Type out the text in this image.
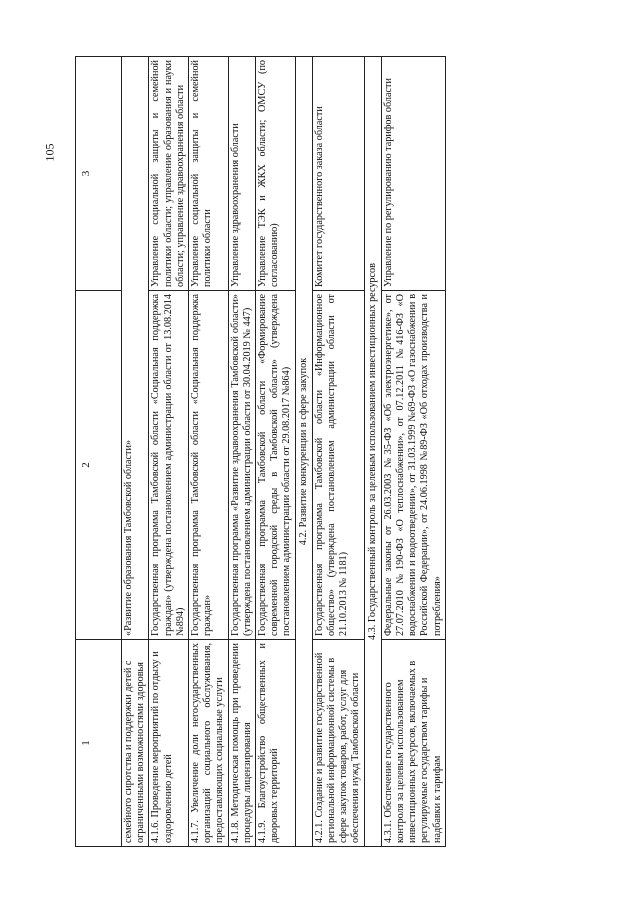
105
1	2	3
семейного сиротства и поддержки детей с ограниченными возможностями здоровья	«Развитие образования Тамбовской области»	
4.1.6. Проведение мероприятий по отдыху и оздоровлению детей	Государственная программа Тамбовской области «Социальная поддержка граждан» (утверждена постановлением администрации области от 13.08.2014 №894)	Управление социальной защиты и семейной политики области; управление образования и науки области; управление здравоохранения области
4.1.7. Увеличение доли негосударственных организаций социального обслуживания, предоставляющих социальные услуги	Государственная программа Тамбовской области «Социальная поддержка граждан»	Управление социальной защиты и семейной политики области
4.1.8. Методическая помощь при проведении процедуры лицензирования	Государственная программа «Развитие здравоохранения Тамбовской области» (утверждена постановлением администрации области от 30.04.2019 № 447)	Управление здравоохранения области
4.1.9. Благоустройство общественных и дворовых территорий	Государственная программа Тамбовской области «Формирование современной городской среды в Тамбовской области» (утверждена постановлением администрации области от 29.08.2017 №864)	Управление ТЭК и ЖКХ области; ОМСУ (по согласованию)
4.2. Развитие конкуренции в сфере закупок		
4.2.1. Создание и развитие государственной региональной информационной системы в сфере закупок товаров, работ, услуг для обеспечения нужд Тамбовской области	Государственная программа Тамбовской области «Информационное общество» (утверждена постановлением администрации области от 21.10.2013 № 1181)	Комитет государственного заказа области
4.3. Государственный контроль за целевым использованием инвестиционных ресурсов		
4.3.1. Обеспечение государственного контроля за целевым использованием инвестиционных ресурсов, включаемых в регулируемые государством тарифы и надбавки к тарифам	Федеральные законы от 26.03.2003 №35-ФЗ «Об электроэнергетике», от 27.07.2010 №190-ФЗ «О теплоснабжении», от 07.12.2011 №416-ФЗ «О водоснабжении и водоотведении», от 31.03.1999 №69-ФЗ «О газоснабжении в Российской Федерации», от 24.06.1998 №89-ФЗ «Об отходах производства и потребления»	Управление по регулированию тарифов области
